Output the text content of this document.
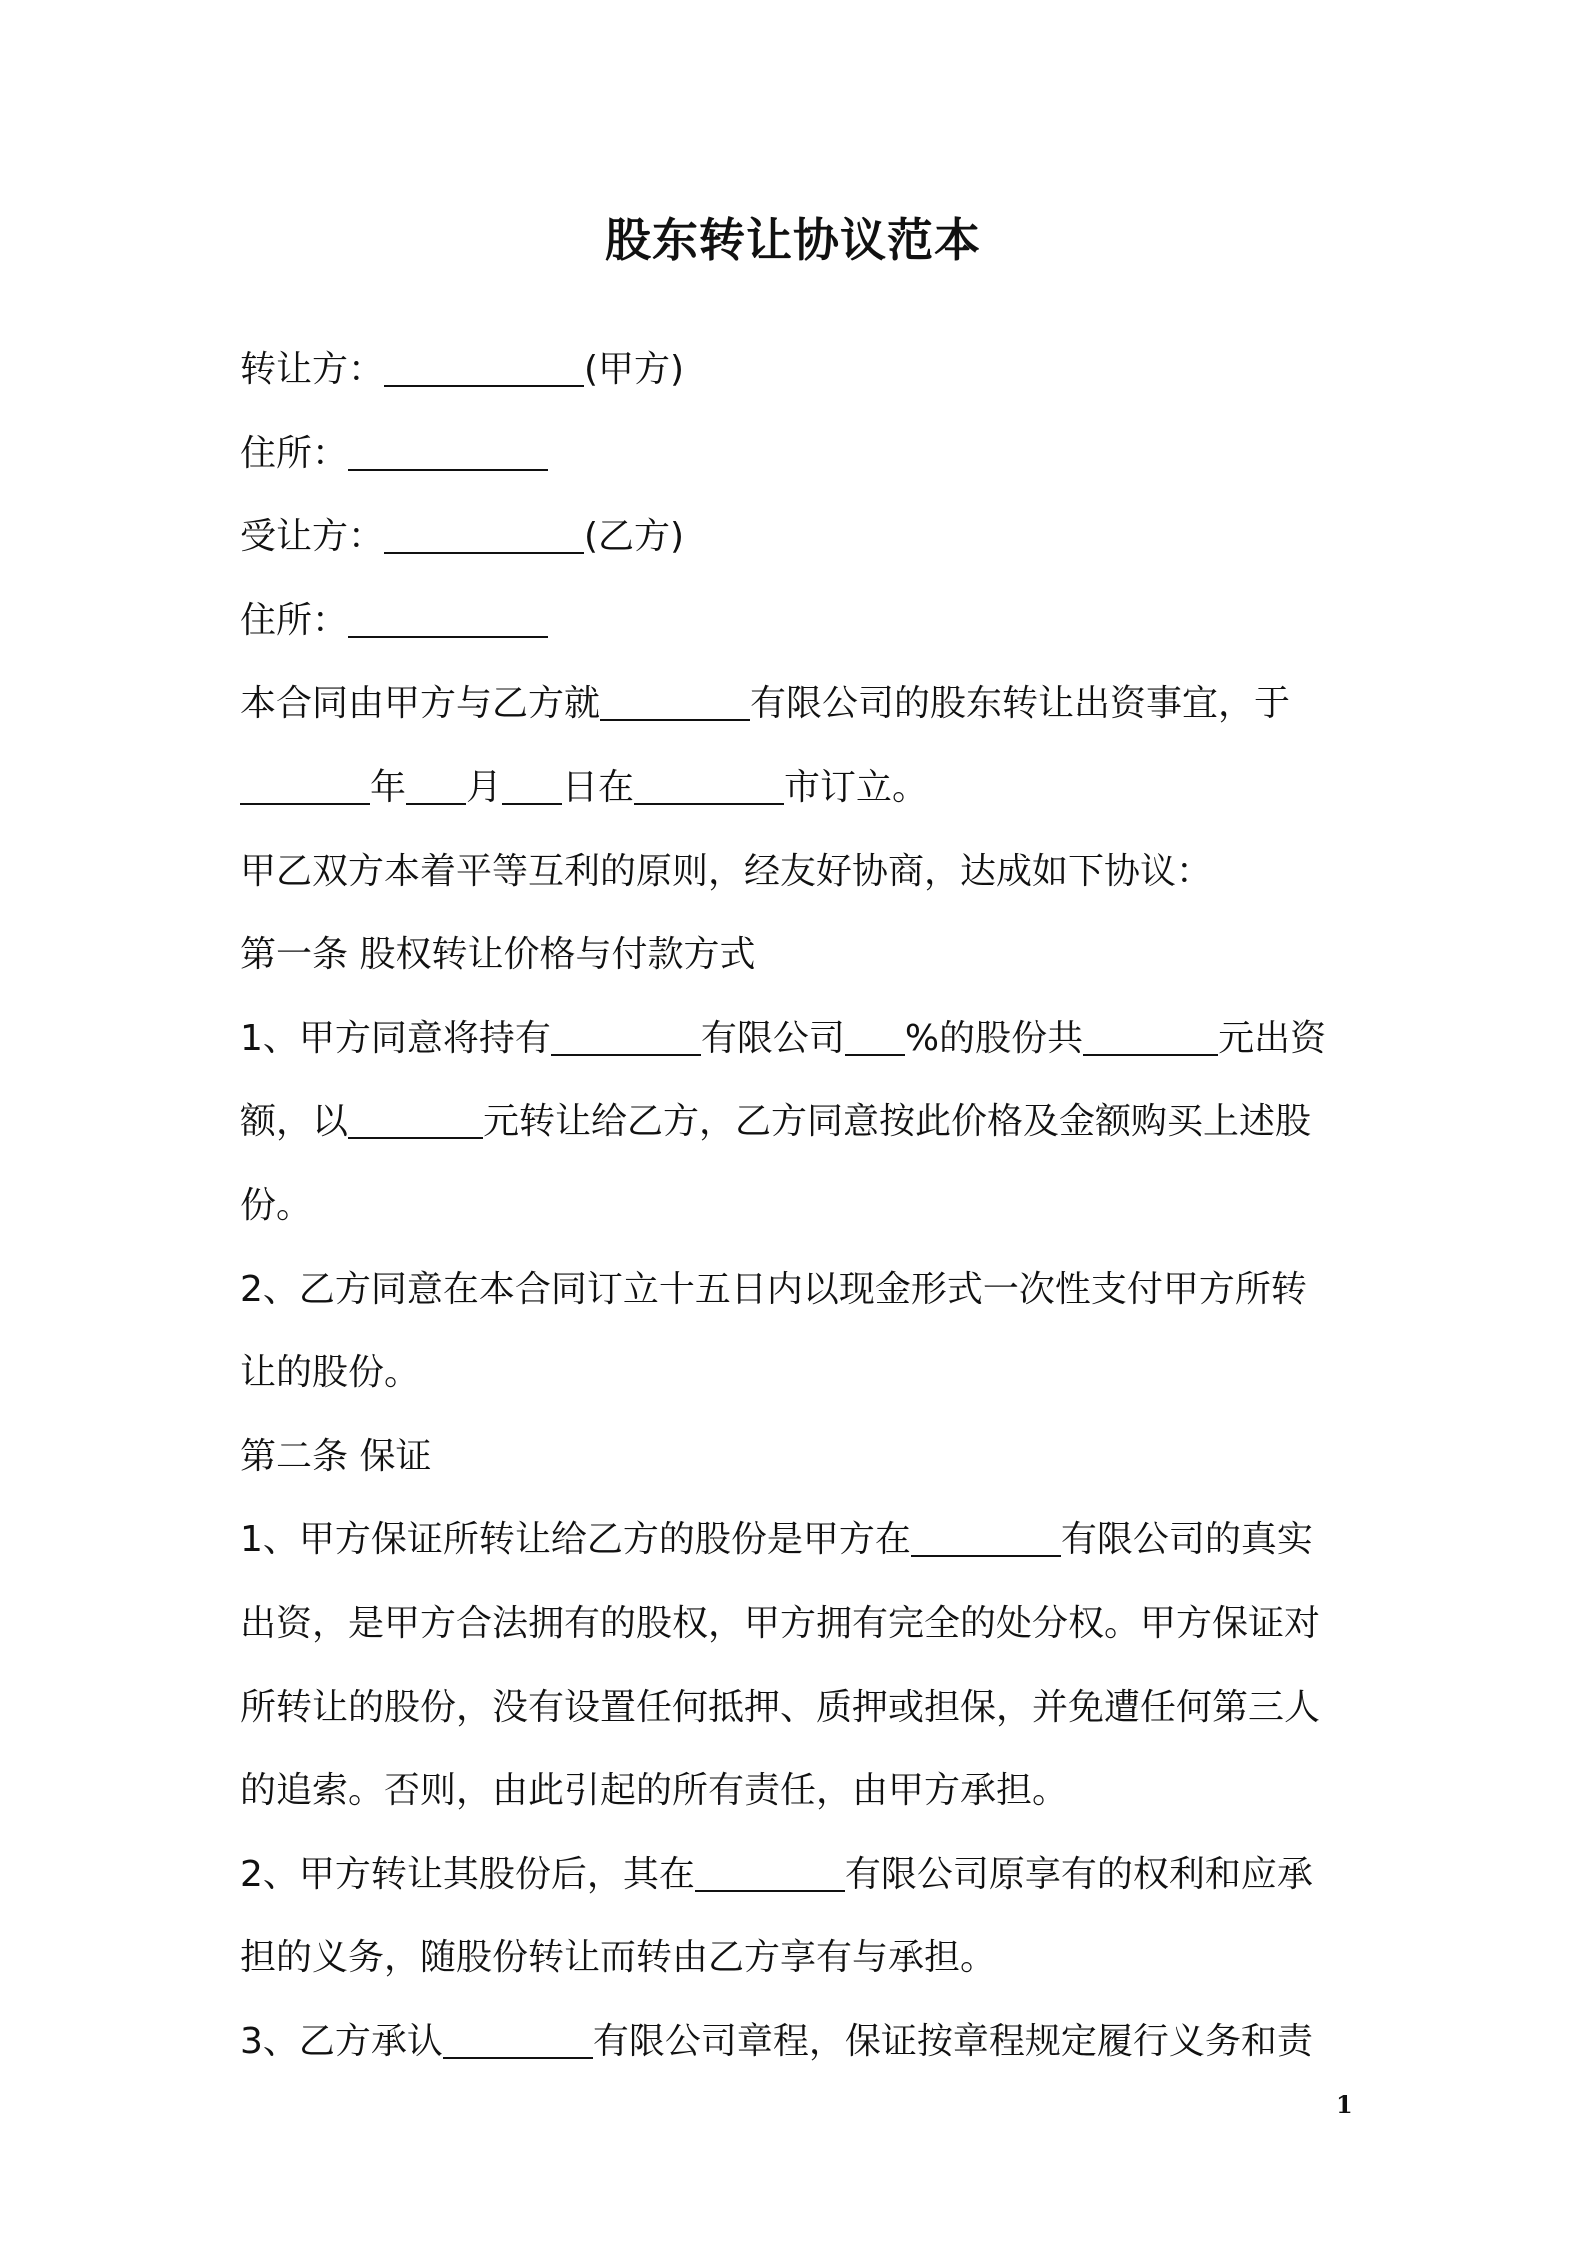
股东转让协议范本
转让方：	(甲方)
住所：
受让方：	(乙方)
住所：
本合同由甲方与乙方就	有限公司的股东转让出资事宜，于
年 月 日在	市订立。
甲乙双方本着平等互利的原则，经友好协商，达成如下协议：
第一条 股权转让价格与付款方式
1、甲方同意将持有	有限公司 %的股份共	元出资
额，以	元转让给乙方，乙方同意按此价格及金额购买上述股
份。
2、乙方同意在本合同订立十五日内以现金形式一次性支付甲方所转
让的股份。
第二条 保证
1、甲方保证所转让给乙方的股份是甲方在	有限公司的真实
出资，是甲方合法拥有的股权，甲方拥有完全的处分权。甲方保证对
所转让的股份，没有设置任何抵押、质押或担保，并免遭任何第三人
的追索。否则，由此引起的所有责任，由甲方承担。
2、甲方转让其股份后，其在	有限公司原享有的权利和应承
担的义务，随股份转让而转由乙方享有与承担。
3、乙方承认	有限公司章程，保证按章程规定履行义务和责
1
